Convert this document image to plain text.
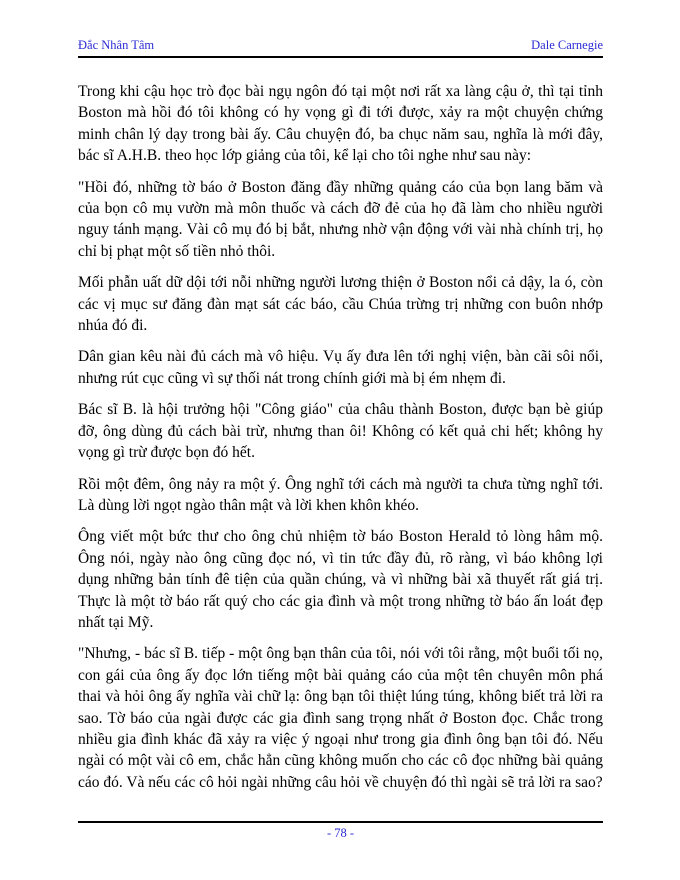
Đắc Nhân Tâm	Dale Carnegie

Trong khi cậu học trò đọc bài ngụ ngôn đó tại một nơi rất xa làng cậu ở, thì tại tỉnh Boston mà hồi đó tôi không có hy vọng gì đi tới được, xảy ra một chuyện chứng minh chân lý dạy trong bài ấy. Câu chuyện đó, ba chục năm sau, nghĩa là mới đây, bác sĩ A.H.B. theo học lớp giảng của tôi, kể lại cho tôi nghe như sau này:

"Hồi đó, những tờ báo ở Boston đăng đầy những quảng cáo của bọn lang băm và của bọn cô mụ vườn mà môn thuốc và cách đỡ đẻ của họ đã làm cho nhiều người nguy tánh mạng. Vài cô mụ đó bị bắt, nhưng nhờ vận động với vài nhà chính trị, họ chỉ bị phạt một số tiền nhỏ thôi.

Mối phẫn uất dữ dội tới nỗi những người lương thiện ở Boston nổi cả dậy, la ó, còn các vị mục sư đăng đàn mạt sát các báo, cầu Chúa trừng trị những con buôn nhớp nhúa đó đi.

Dân gian kêu nài đủ cách mà vô hiệu. Vụ ấy đưa lên tới nghị viện, bàn cãi sôi nổi, nhưng rút cục cũng vì sự thối nát trong chính giới mà bị ém nhẹm đi.

Bác sĩ B. là hội trưởng hội "Công giáo" của châu thành Boston, được bạn bè giúp đỡ, ông dùng đủ cách bài trừ, nhưng than ôi! Không có kết quả chi hết; không hy vọng gì trừ được bọn đó hết.

Rồi một đêm, ông nảy ra một ý. Ông nghĩ tới cách mà người ta chưa từng nghĩ tới. Là dùng lời ngọt ngào thân mật và lời khen khôn khéo.

Ông viết một bức thư cho ông chủ nhiệm tờ báo Boston Herald tỏ lòng hâm mộ. Ông nói, ngày nào ông cũng đọc nó, vì tin tức đầy đủ, rõ ràng, vì báo không lợi dụng những bản tính đê tiện của quần chúng, và vì những bài xã thuyết rất giá trị. Thực là một tờ báo rất quý cho các gia đình và một trong những tờ báo ấn loát đẹp nhất tại Mỹ.

"Nhưng, - bác sĩ B. tiếp - một ông bạn thân của tôi, nói với tôi rằng, một buổi tối nọ, con gái của ông ấy đọc lớn tiếng một bài quảng cáo của một tên chuyên môn phá thai và hỏi ông ấy nghĩa vài chữ lạ: ông bạn tôi thiệt lúng túng, không biết trả lời ra sao. Tờ báo của ngài được các gia đình sang trọng nhất ở Boston đọc. Chắc trong nhiều gia đình khác đã xảy ra việc ý ngoại như trong gia đình ông bạn tôi đó. Nếu ngài có một vài cô em, chắc hẳn cũng không muốn cho các cô đọc những bài quảng cáo đó. Và nếu các cô hỏi ngài những câu hỏi về chuyện đó thì ngài sẽ trả lời ra sao?

- 78 -
